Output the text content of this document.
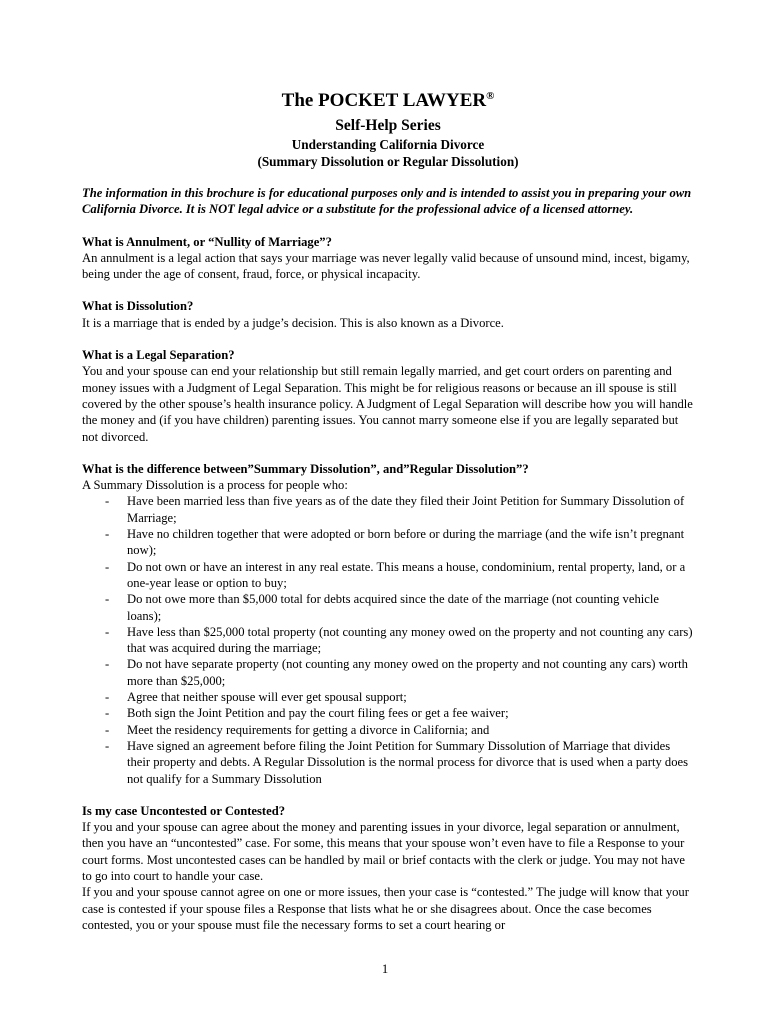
The POCKET LAWYER®

Self-Help Series

Understanding California Divorce

(Summary Dissolution or Regular Dissolution)

The information in this brochure is for educational purposes only and is intended to assist you in preparing your own California Divorce. It is NOT legal advice or a substitute for the professional advice of a licensed attorney.

What is Annulment, or “Nullity of Marriage”?

An annulment is a legal action that says your marriage was never legally valid because of unsound mind, incest, bigamy, being under the age of consent, fraud, force, or physical incapacity.

What is Dissolution?

It is a marriage that is ended by a judge’s decision. This is also known as a Divorce.

What is a Legal Separation?

You and your spouse can end your relationship but still remain legally married, and get court orders on parenting and money issues with a Judgment of Legal Separation. This might be for religious reasons or because an ill spouse is still covered by the other spouse’s health insurance policy. A Judgment of Legal Separation will describe how you will handle the money and (if you have children) parenting issues. You cannot marry someone else if you are legally separated but not divorced.

What is the difference between”Summary Dissolution”, and”Regular Dissolution”?

A Summary Dissolution is a process for people who:

- Have been married less than five years as of the date they filed their Joint Petition for Summary Dissolution of Marriage;
- Have no children together that were adopted or born before or during the marriage (and the wife isn’t pregnant now);
- Do not own or have an interest in any real estate. This means a house, condominium, rental property, land, or a one-year lease or option to buy;
- Do not owe more than $5,000 total for debts acquired since the date of the marriage (not counting vehicle loans);
- Have less than $25,000 total property (not counting any money owed on the property and not counting any cars) that was acquired during the marriage;
- Do not have separate property (not counting any money owed on the property and not counting any cars) worth more than $25,000;
- Agree that neither spouse will ever get spousal support;
- Both sign the Joint Petition and pay the court filing fees or get a fee waiver;
- Meet the residency requirements for getting a divorce in California; and
- Have signed an agreement before filing the Joint Petition for Summary Dissolution of Marriage that divides their property and debts. A Regular Dissolution is the normal process for divorce that is used when a party does not qualify for a Summary Dissolution

Is my case Uncontested or Contested?

If you and your spouse can agree about the money and parenting issues in your divorce, legal separation or annulment, then you have an “uncontested” case. For some, this means that your spouse won’t even have to file a Response to your court forms. Most uncontested cases can be handled by mail or brief contacts with the clerk or judge. You may not have to go into court to handle your case.

If you and your spouse cannot agree on one or more issues, then your case is “contested.” The judge will know that your case is contested if your spouse files a Response that lists what he or she disagrees about. Once the case becomes contested, you or your spouse must file the necessary forms to set a court hearing or

1
